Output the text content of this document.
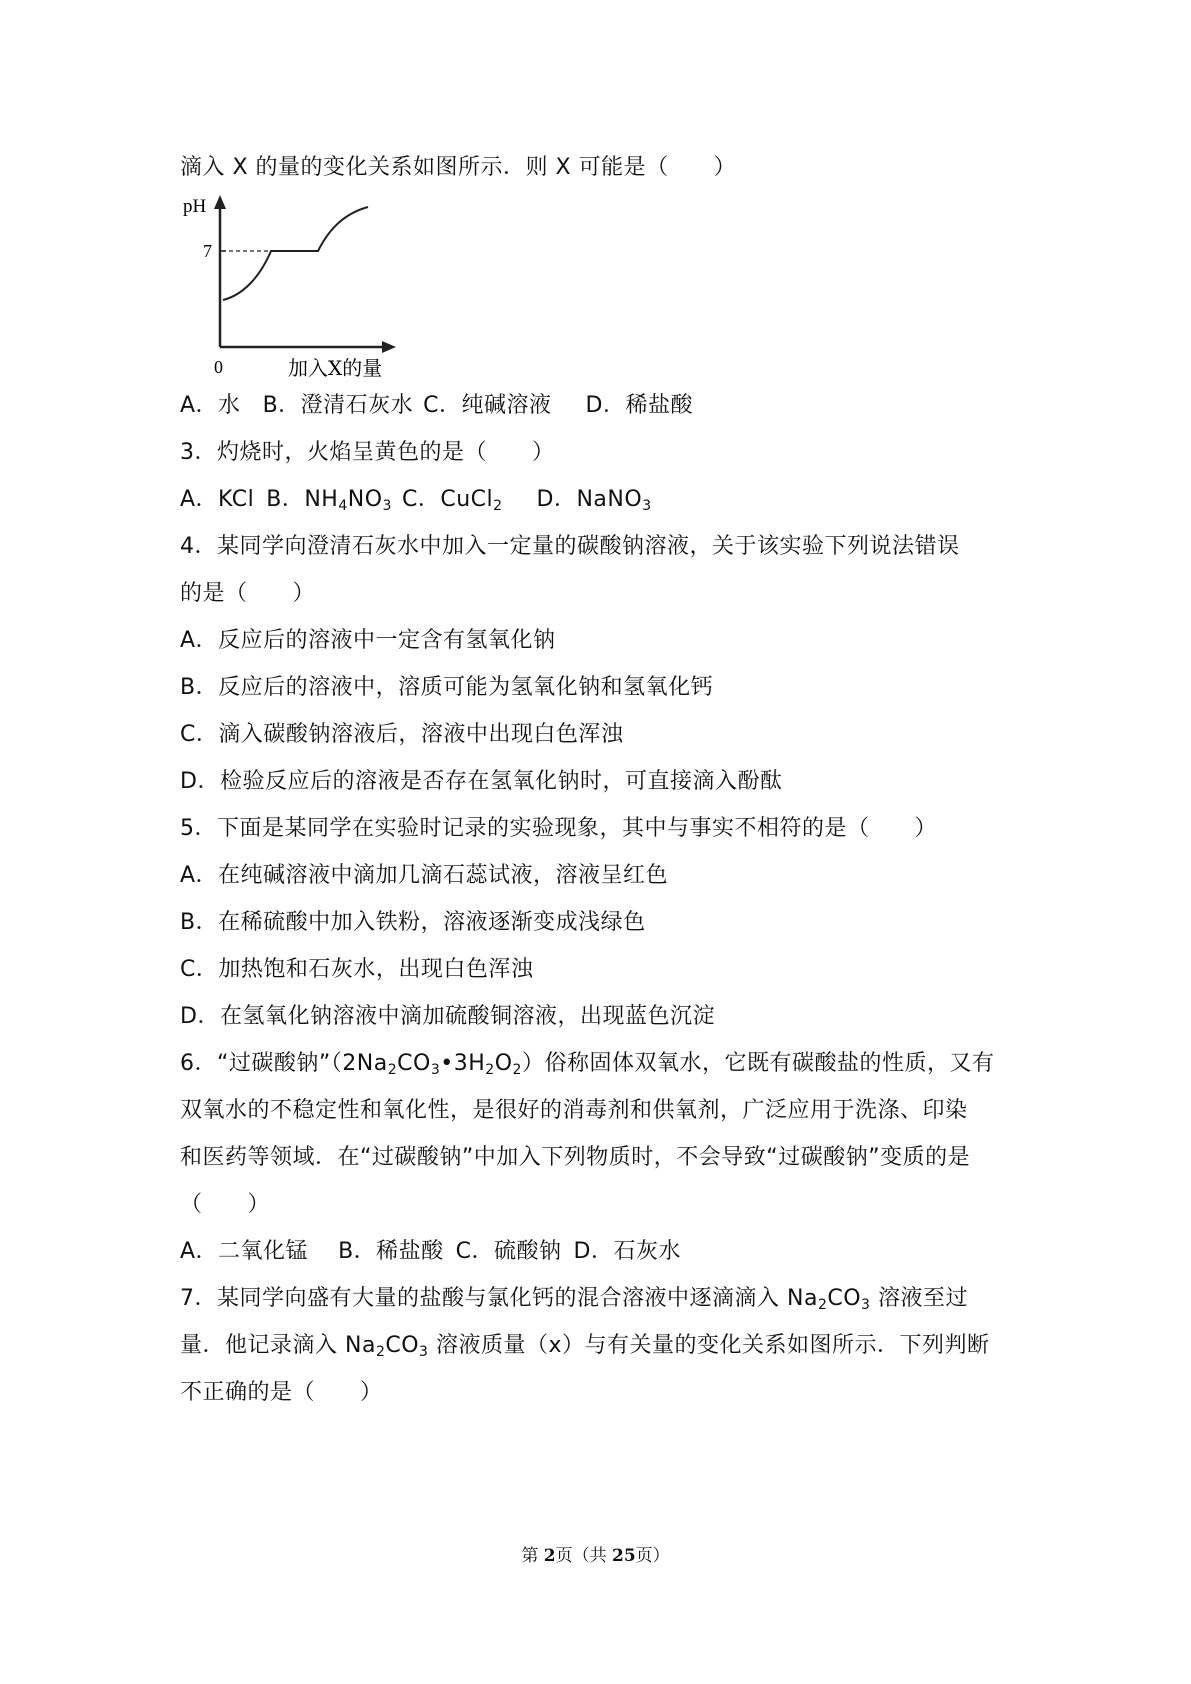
滴入 X 的量的变化关系如图所示．则 X 可能是（　　）
pH
7
0	加入X的量
A．水 B．澄清石灰水 C．纯碱溶液 D．稀盐酸
3．灼烧时，火焰呈黄色的是（　　）
A．KCl B．$NH_4NO_3$ C．CuCl$_2$ D．NaNO$_3$
4．某同学向澄清石灰水中加入一定量的碳酸钠溶液，关于该实验下列说法错误
的是（　　）
A．反应后的溶液中一定含有氢氧化钠
B．反应后的溶液中，溶质可能为氢氧化钠和氢氧化钙
C．滴入碳酸钠溶液后，溶液中出现白色浑浊
D．检验反应后的溶液是否存在氢氧化钠时，可直接滴入酚酞
5．下面是某同学在实验时记录的实验现象，其中与事实不相符的是（　　）
A．在纯碱溶液中滴加几滴石蕊试液，溶液呈红色
B．在稀硫酸中加入铁粉，溶液逐渐变成浅绿色
C．加热饱和石灰水，出现白色浑浊
D．在氢氧化钠溶液中滴加硫酸铜溶液，出现蓝色沉淀
6．“过碳酸钠$”(2Na_2CO_3•3H_2O_2)$俗称固体双氧水，它既有碳酸盐的性质，又有
双氧水的不稳定性和氧化性，是很好的消毒剂和供氧剂，广泛应用于洗涤、印染
和医药等领域．在“过碳酸钠”中加入下列物质时，不会导致“过碳酸钠”变质的是
（　　）
A．二氧化锰 B．稀盐酸 C．硫酸钠 D．石灰水
7．某同学向盛有大量的盐酸与氯化钙的混合溶液中逐滴滴入 $Na_2CO_3$ 溶液至过
量．他记录滴入 $Na_2CO_3$ 溶液质量（x）与有关量的变化关系如图所示．下列判断
不正确的是（　　）
第 2页（共 25页）
